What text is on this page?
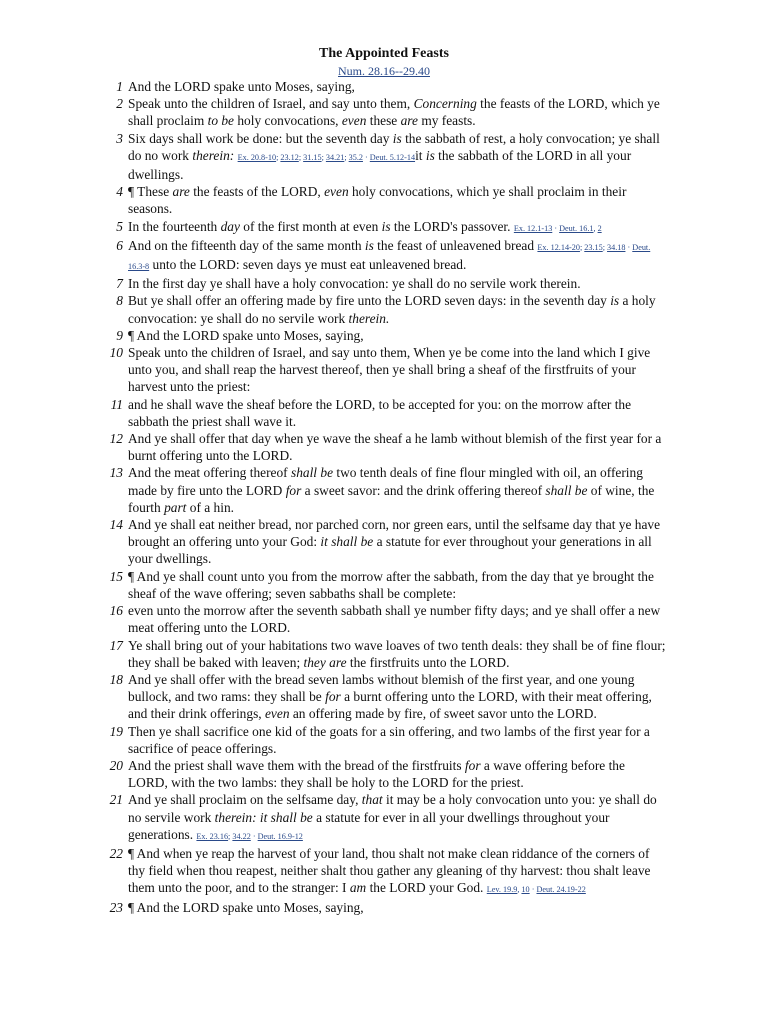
The Appointed Feasts
Num. 28.16--29.40
1 And the LORD spake unto Moses, saying,
2 Speak unto the children of Israel, and say unto them, Concerning the feasts of the LORD, which ye shall proclaim to be holy convocations, even these are my feasts.
3 Six days shall work be done: but the seventh day is the sabbath of rest, a holy convocation; ye shall do no work therein: Ex. 20.8-10; 23.12; 31.15; 34.21; 35.2 · Deut. 5.12-14it is the sabbath of the LORD in all your dwellings.
4 ¶ These are the feasts of the LORD, even holy convocations, which ye shall proclaim in their seasons.
5 In the fourteenth day of the first month at even is the LORD's passover. Ex. 12.1-13 · Deut. 16.1, 2
6 And on the fifteenth day of the same month is the feast of unleavened bread Ex. 12.14-20; 23.15; 34.18 · Deut. 16.3-8 unto the LORD: seven days ye must eat unleavened bread.
7 In the first day ye shall have a holy convocation: ye shall do no servile work therein.
8 But ye shall offer an offering made by fire unto the LORD seven days: in the seventh day is a holy convocation: ye shall do no servile work therein.
9 ¶ And the LORD spake unto Moses, saying,
10 Speak unto the children of Israel, and say unto them, When ye be come into the land which I give unto you, and shall reap the harvest thereof, then ye shall bring a sheaf of the firstfruits of your harvest unto the priest:
11 and he shall wave the sheaf before the LORD, to be accepted for you: on the morrow after the sabbath the priest shall wave it.
12 And ye shall offer that day when ye wave the sheaf a he lamb without blemish of the first year for a burnt offering unto the LORD.
13 And the meat offering thereof shall be two tenth deals of fine flour mingled with oil, an offering made by fire unto the LORD for a sweet savor: and the drink offering thereof shall be of wine, the fourth part of a hin.
14 And ye shall eat neither bread, nor parched corn, nor green ears, until the selfsame day that ye have brought an offering unto your God: it shall be a statute for ever throughout your generations in all your dwellings.
15 ¶ And ye shall count unto you from the morrow after the sabbath, from the day that ye brought the sheaf of the wave offering; seven sabbaths shall be complete:
16 even unto the morrow after the seventh sabbath shall ye number fifty days; and ye shall offer a new meat offering unto the LORD.
17 Ye shall bring out of your habitations two wave loaves of two tenth deals: they shall be of fine flour; they shall be baked with leaven; they are the firstfruits unto the LORD.
18 And ye shall offer with the bread seven lambs without blemish of the first year, and one young bullock, and two rams: they shall be for a burnt offering unto the LORD, with their meat offering, and their drink offerings, even an offering made by fire, of sweet savor unto the LORD.
19 Then ye shall sacrifice one kid of the goats for a sin offering, and two lambs of the first year for a sacrifice of peace offerings.
20 And the priest shall wave them with the bread of the firstfruits for a wave offering before the LORD, with the two lambs: they shall be holy to the LORD for the priest.
21 And ye shall proclaim on the selfsame day, that it may be a holy convocation unto you: ye shall do no servile work therein: it shall be a statute for ever in all your dwellings throughout your generations. Ex. 23.16; 34.22 · Deut. 16.9-12
22 ¶ And when ye reap the harvest of your land, thou shalt not make clean riddance of the corners of thy field when thou reapest, neither shalt thou gather any gleaning of thy harvest: thou shalt leave them unto the poor, and to the stranger: I am the LORD your God. Lev. 19.9, 10 · Deut. 24.19-22
23 ¶ And the LORD spake unto Moses, saying,
